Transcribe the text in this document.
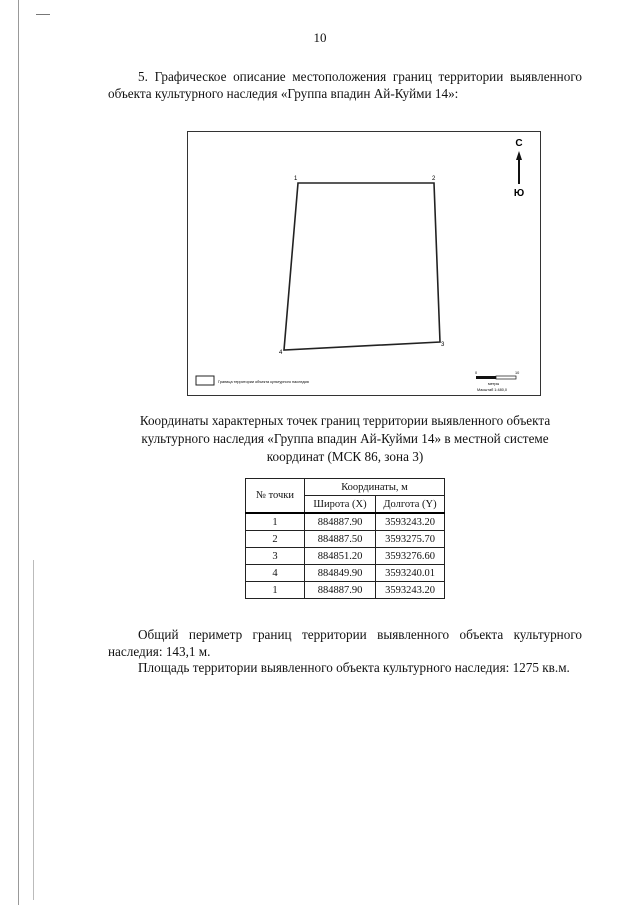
10

5. Графическое описание местоположения границ территории выявленного объекта культурного наследия «Группа впадин Ай-Куйми 14»:

1	2
3
4
С
Ю
Граница территории объекта культурного наследия
0	10
метры
Масштаб 1:480,0
Координаты характерных точек границ территории выявленного объекта культурного наследия «Группа впадин Ай-Куйми 14» в местной системе координат (МСК 86, зона 3)
№ точки	Координаты, м	
	Широта (X)	Долгота (Y)
1	884887.90	3593243.20
2	884887.50	3593275.70
3	884851.20	3593276.60
4	884849.90	3593240.01
1	884887.90	3593243.20

Общий периметр границ территории выявленного объекта культурного наследия: 143,1 м.

Площадь территории выявленного объекта культурного наследия: 1275 кв.м.
